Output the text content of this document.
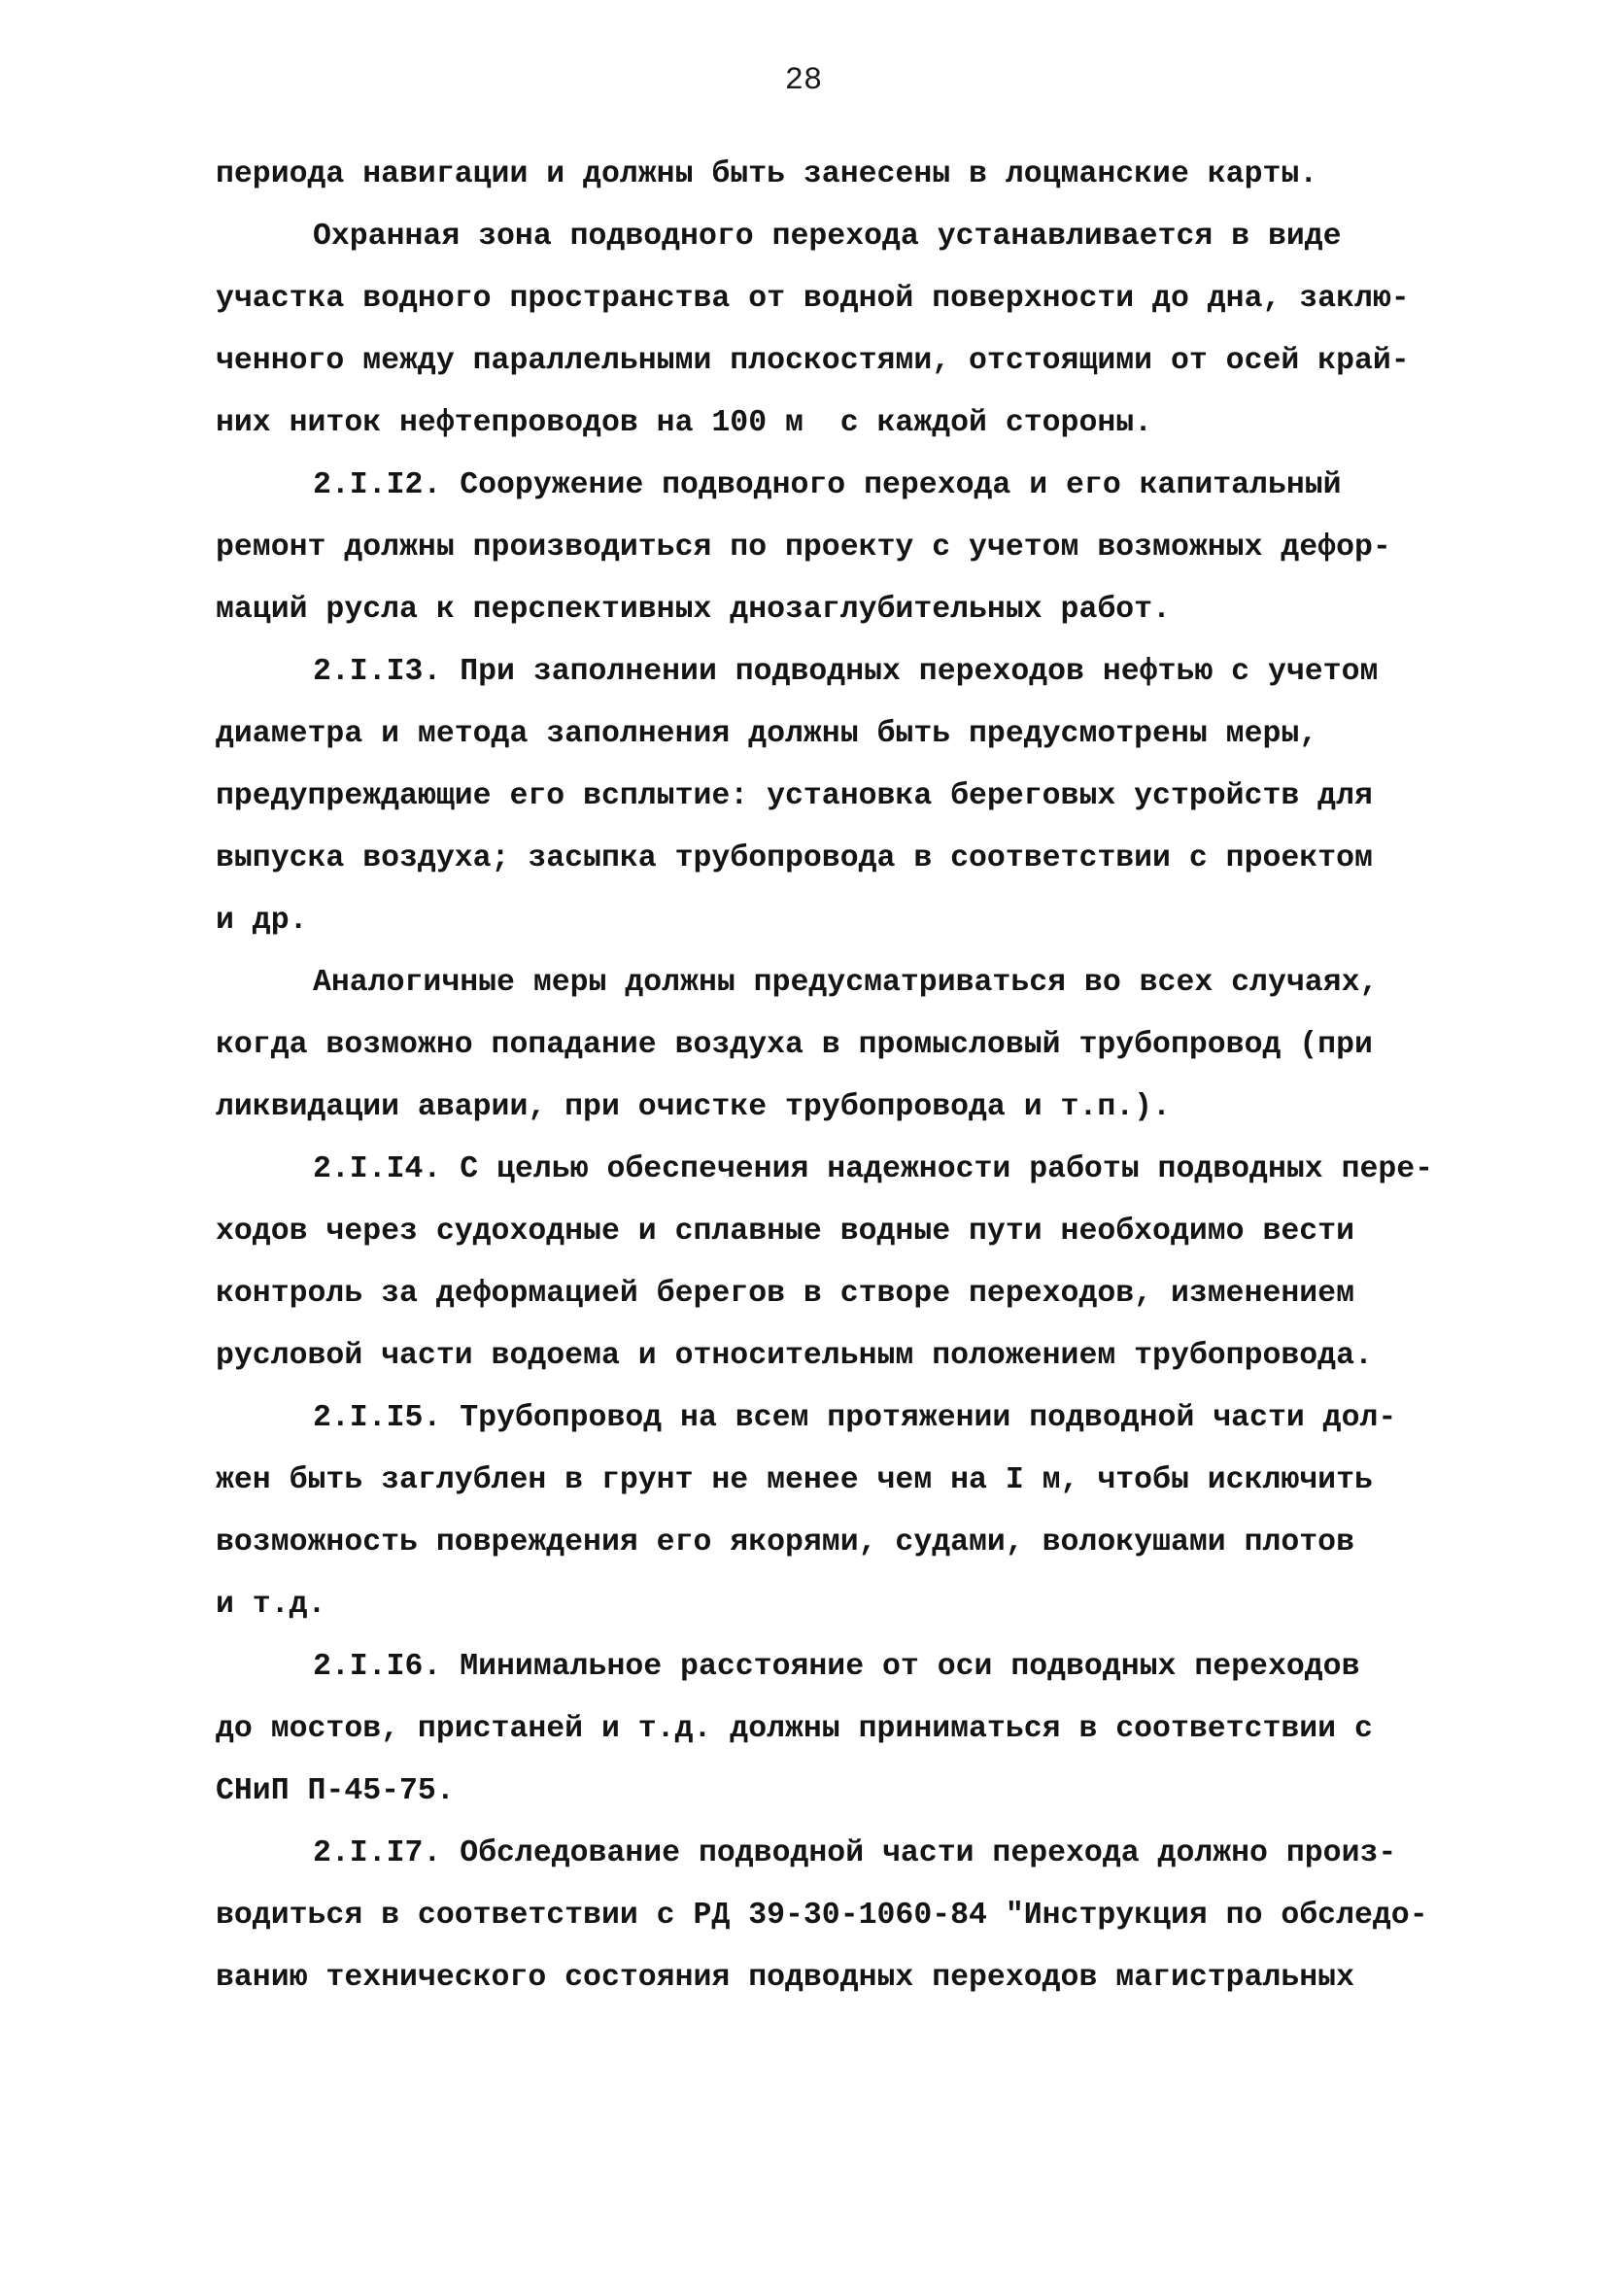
28
периода навигации и должны быть занесены в лоцманские карты.
Охранная зона подводного перехода устанавливается в виде
участка водного пространства от водной поверхности до дна, заклю-
ченного между параллельными плоскостями, отстоящими от осей край-
них ниток нефтепроводов на 100 м  с каждой стороны.
2.I.I2. Сооружение подводного перехода и его капитальный
ремонт должны производиться по проекту с учетом возможных дефор-
маций русла к перспективных днозаглубительных работ.
2.I.I3. При заполнении подводных переходов нефтью с учетом
диаметра и метода заполнения должны быть предусмотрены меры,
предупреждающие его всплытие: установка береговых устройств для
выпуска воздуха; засыпка трубопровода в соответствии с проектом
и др.
Аналогичные меры должны предусматриваться во всех случаях,
когда возможно попадание воздуха в промысловый трубопровод (при
ликвидации аварии, при очистке трубопровода и т.п.).
2.I.I4. С целью обеспечения надежности работы подводных пере-
ходов через судоходные и сплавные водные пути необходимо вести
контроль за деформацией берегов в створе переходов, изменением
русловой части водоема и относительным положением трубопровода.
2.I.I5. Трубопровод на всем протяжении подводной части дол-
жен быть заглублен в грунт не менее чем на I м, чтобы исключить
возможность повреждения его якорями, судами, волокушами плотов
и т.д.
2.I.I6. Минимальное расстояние от оси подводных переходов
до мостов, пристаней и т.д. должны приниматься в соответствии с
СНиП П-45-75.
2.I.I7. Обследование подводной части перехода должно произ-
водиться в соответствии с РД 39-30-1060-84 "Инструкция по обследо-
ванию технического состояния подводных переходов магистральных
